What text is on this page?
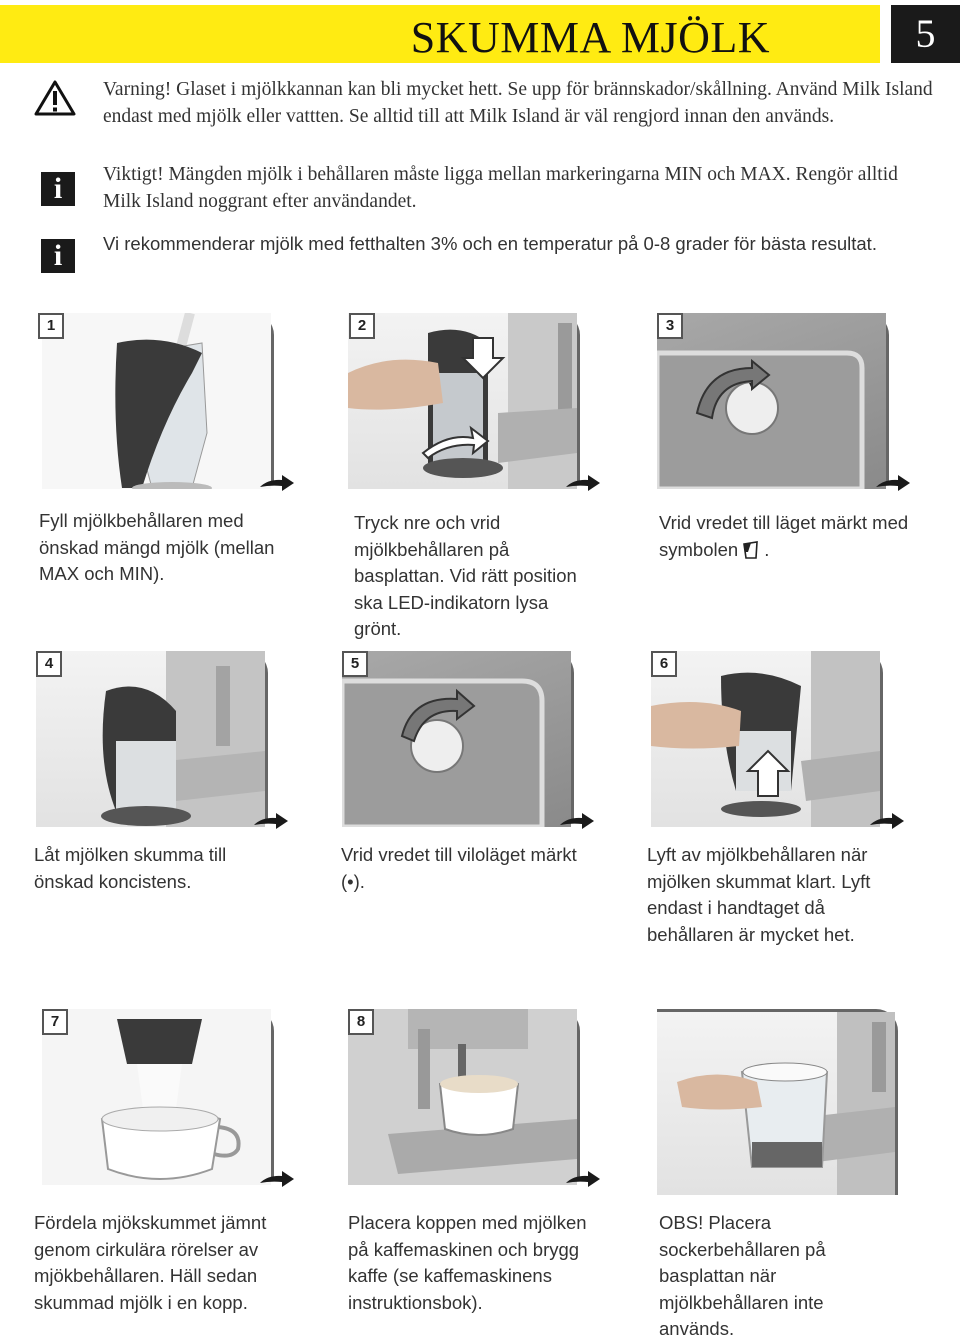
SKUMMA MJÖLK	5
Varning! Glaset i mjölkkannan kan bli mycket hett. Se upp för brännskador/skållning. Använd Milk Island endast med mjölk eller vattten. Se alltid till att Milk Island är väl rengjord innan den används.
i	Viktigt! Mängden mjölk i behållaren måste ligga mellan markeringarna MIN och MAX. Rengör alltid Milk Island noggrant efter användandet.
i	Vi rekommenderar mjölk med fetthalten 3% och en temperatur på 0-8 grader för bästa resultat.
1
Fyll mjölkbehållaren med önskad mängd mjölk (mellan MAX och MIN).
2
Tryck nre och vrid mjölkbehållaren på basplattan. Vid rätt position ska LED-indikatorn lysa grönt.
3
Vrid vredet till läget märkt med symbolen .
4
Låt mjölken skumma till önskad koncistens.
5
Vrid vredet till viloläget märkt (•).
6
Lyft av mjölkbehållaren när mjölken skummat klart. Lyft endast i handtaget då behållaren är mycket het.
7
Fördela mjökskummet jämnt genom cirkulära rörelser av mjökbehållaren. Häll sedan skummad mjölk i en kopp.
8
Placera koppen med mjölken på kaffemaskinen och brygg kaffe (se kaffemaskinens instruktionsbok).
OBS! Placera sockerbehållaren på basplattan när mjölkbehållaren inte används.
